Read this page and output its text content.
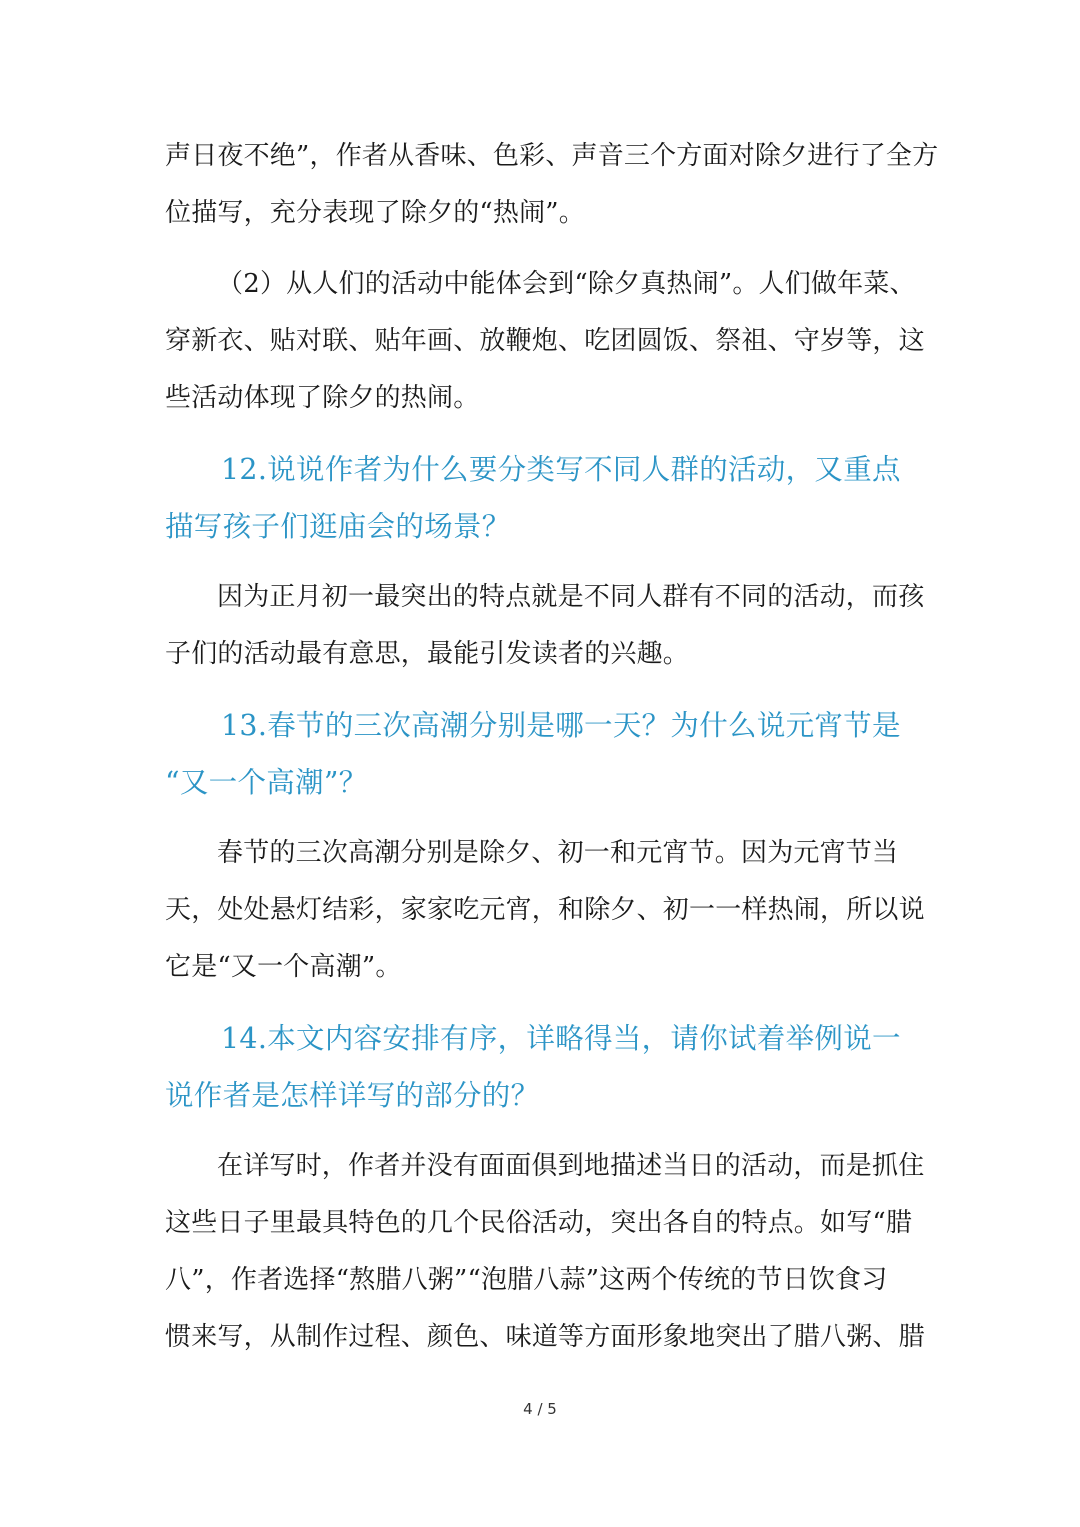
声日夜不绝”，作者从香味、色彩、声音三个方面对除夕进行了全方
位描写，充分表现了除夕的“热闹”。
（2）从人们的活动中能体会到“除夕真热闹”。人们做年菜、
穿新衣、贴对联、贴年画、放鞭炮、吃团圆饭、祭祖、守岁等，这
些活动体现了除夕的热闹。
12.说说作者为什么要分类写不同人群的活动，又重点
描写孩子们逛庙会的场景？
因为正月初一最突出的特点就是不同人群有不同的活动，而孩
子们的活动最有意思，最能引发读者的兴趣。
13.春节的三次高潮分别是哪一天？为什么说元宵节是
“又一个高潮”？
春节的三次高潮分别是除夕、初一和元宵节。因为元宵节当
天，处处悬灯结彩，家家吃元宵，和除夕、初一一样热闹，所以说
它是“又一个高潮”。
14.本文内容安排有序，详略得当，请你试着举例说一
说作者是怎样详写的部分的？
在详写时，作者并没有面面俱到地描述当日的活动，而是抓住
这些日子里最具特色的几个民俗活动，突出各自的特点。如写“腊
八”，作者选择“熬腊八粥”“泡腊八蒜”这两个传统的节日饮食习
惯来写，从制作过程、颜色、味道等方面形象地突出了腊八粥、腊
4 / 5
